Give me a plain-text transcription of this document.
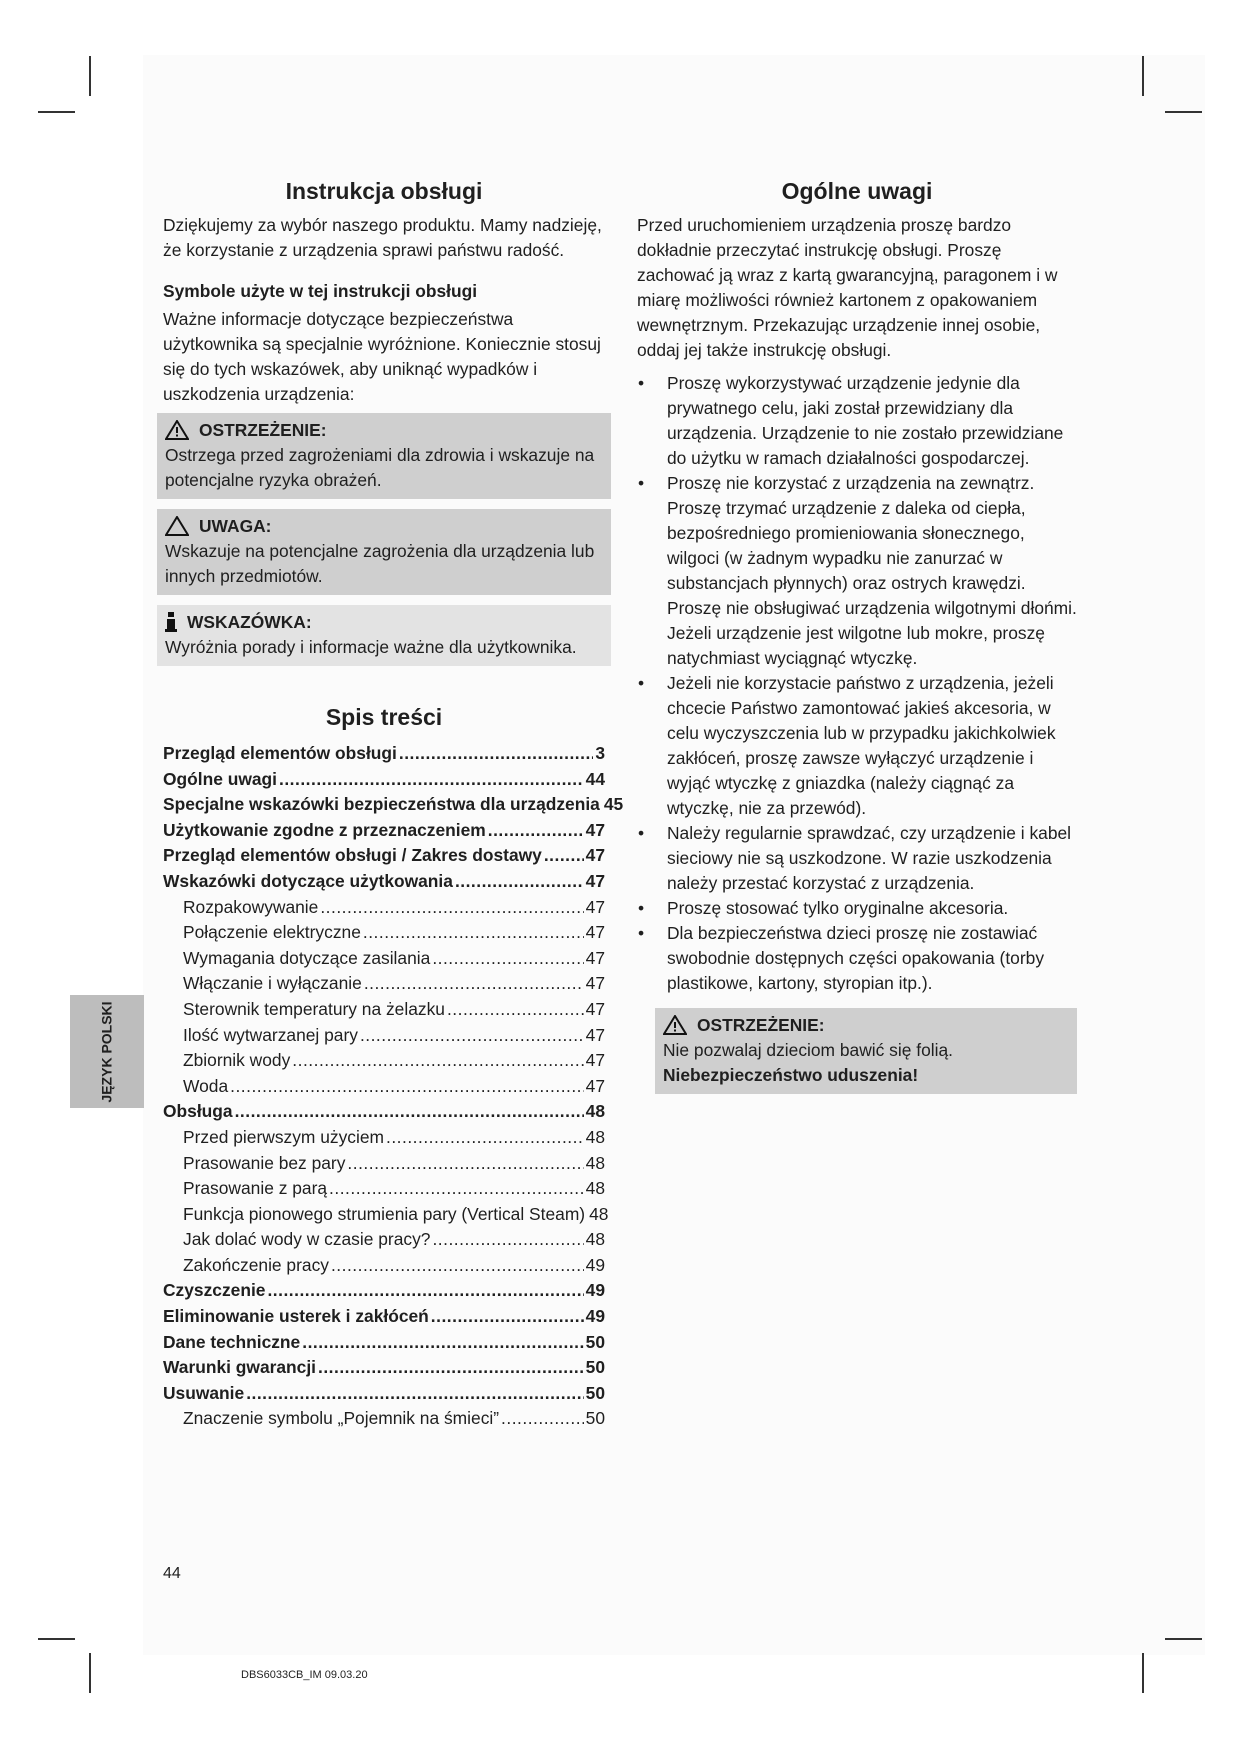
JĘZYK POLSKI
Instrukcja obsługi

Dziękujemy za wybór naszego produktu. Mamy nadzieję, że korzystanie z urządzenia sprawi państwu radość.

Symbole użyte w tej instrukcji obsługi

Ważne informacje dotyczące bezpieczeństwa użytkownika są specjalnie wyróżnione. Koniecznie stosuj się do tych wskazówek, aby uniknąć wypadków i uszkodzenia urządzenia:

OSTRZEŻENIE:
Ostrzega przed zagrożeniami dla zdrowia i wskazuje na potencjalne ryzyka obrażeń.
UWAGA:
Wskazuje na potencjalne zagrożenia dla urządzenia lub innych przedmiotów.
WSKAZÓWKA:
Wyróżnia porady i informacje ważne dla użytkownika.
Spis treści
Przegląd elementów obsługi .....	3
Ogólne uwagi .....	44
Specjalne wskazówki bezpieczeństwa dla urządzenia 45
Użytkowanie zgodne z przeznaczeniem .....	47
Przegląd elementów obsługi / Zakres dostawy .....	47
Wskazówki dotyczące użytkowania .....	47
Rozpakowywanie .....	47
Połączenie elektryczne .....	47
Wymagania dotyczące zasilania .....	47
Włączanie i wyłączanie .....	47
Sterownik temperatury na żelazku .....	47
Ilość wytwarzanej pary .....	47
Zbiornik wody .....	47
Woda .....	47
Obsługa .....	48
Przed pierwszym użyciem .....	48
Prasowanie bez pary .....	48
Prasowanie z parą .....	48
Funkcja pionowego strumienia pary (Vertical Steam) 48
Jak dolać wody w czasie pracy? .....	48
Zakończenie pracy .....	49
Czyszczenie .....	49
Eliminowanie usterek i zakłóceń .....	49
Dane techniczne .....	50
Warunki gwarancji .....	50
Usuwanie .....	50
Znaczenie symbolu „Pojemnik na śmieci” .....	50
Ogólne uwagi

Przed uruchomieniem urządzenia proszę bardzo dokładnie przeczytać instrukcję obsługi. Proszę zachować ją wraz z kartą gwarancyjną, paragonem i w miarę możliwości również kartonem z opakowaniem wewnętrznym. Przekazując urządzenie innej osobie, oddaj jej także instrukcję obsługi.

•	Proszę wykorzystywać urządzenie jedynie dla prywatnego celu, jaki został przewidziany dla urządzenia. Urządzenie to nie zostało przewidziane do użytku w ramach działalności gospodarczej.
•	Proszę nie korzystać z urządzenia na zewnątrz. Proszę trzymać urządzenie z daleka od ciepła, bezpośredniego promieniowania słonecznego, wilgoci (w żadnym wypadku nie zanurzać w substancjach płynnych) oraz ostrych krawędzi. Proszę nie obsługiwać urządzenia wilgotnymi dłońmi. Jeżeli urządzenie jest wilgotne lub mokre, proszę natychmiast wyciągnąć wtyczkę.
•	Jeżeli nie korzystacie państwo z urządzenia, jeżeli chcecie Państwo zamontować jakieś akcesoria, w celu wyczyszczenia lub w przypadku jakichkolwiek zakłóceń, proszę zawsze wyłączyć urządzenie i wyjąć wtyczkę z gniazdka (należy ciągnąć za wtyczkę, nie za przewód).
•	Należy regularnie sprawdzać, czy urządzenie i kabel sieciowy nie są uszkodzone. W razie uszkodzenia należy przestać korzystać z urządzenia.
•	Proszę stosować tylko oryginalne akcesoria.
•	Dla bezpieczeństwa dzieci proszę nie zostawiać swobodnie dostępnych części opakowania (torby plastikowe, kartony, styropian itp.).
OSTRZEŻENIE:
Nie pozwalaj dzieciom bawić się folią. Niebezpieczeństwo uduszenia!
44
DBS6033CB_IM 09.03.20
